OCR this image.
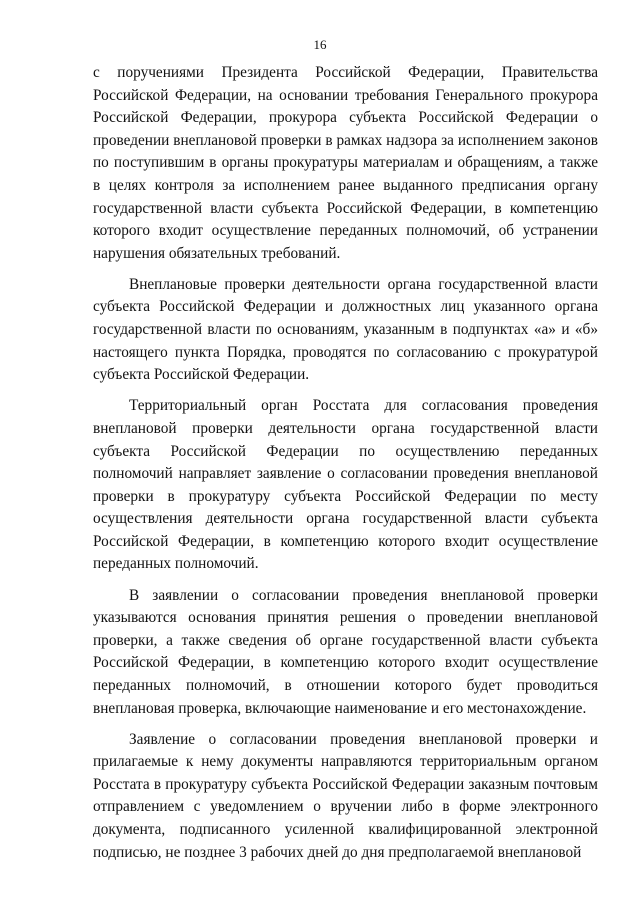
16

с поручениями Президента Российской Федерации, Правительства Российской Федерации, на основании требования Генерального прокурора Российской Федерации, прокурора субъекта Российской Федерации о проведении внеплановой проверки в рамках надзора за исполнением законов по поступившим в органы прокуратуры материалам и обращениям, а также в целях контроля за исполнением ранее выданного предписания органу государственной власти субъекта Российской Федерации, в компетенцию которого входит осуществление переданных полномочий, об устранении нарушения обязательных требований.

Внеплановые проверки деятельности органа государственной власти субъекта Российской Федерации и должностных лиц указанного органа государственной власти по основаниям, указанным в подпунктах «а» и «б» настоящего пункта Порядка, проводятся по согласованию с прокуратурой субъекта Российской Федерации.

Территориальный орган Росстата для согласования проведения внеплановой проверки деятельности органа государственной власти субъекта Российской Федерации по осуществлению переданных полномочий направляет заявление о согласовании проведения внеплановой проверки в прокуратуру субъекта Российской Федерации по месту осуществления деятельности органа государственной власти субъекта Российской Федерации, в компетенцию которого входит осуществление переданных полномочий.

В заявлении о согласовании проведения внеплановой проверки указываются основания принятия решения о проведении внеплановой проверки, а также сведения об органе государственной власти субъекта Российской Федерации, в компетенцию которого входит осуществление переданных полномочий, в отношении которого будет проводиться внеплановая проверка, включающие наименование и его местонахождение.

Заявление о согласовании проведения внеплановой проверки и прилагаемые к нему документы направляются территориальным органом Росстата в прокуратуру субъекта Российской Федерации заказным почтовым отправлением с уведомлением о вручении либо в форме электронного документа, подписанного усиленной квалифицированной электронной подписью, не позднее 3 рабочих дней до дня предполагаемой внеплановой
